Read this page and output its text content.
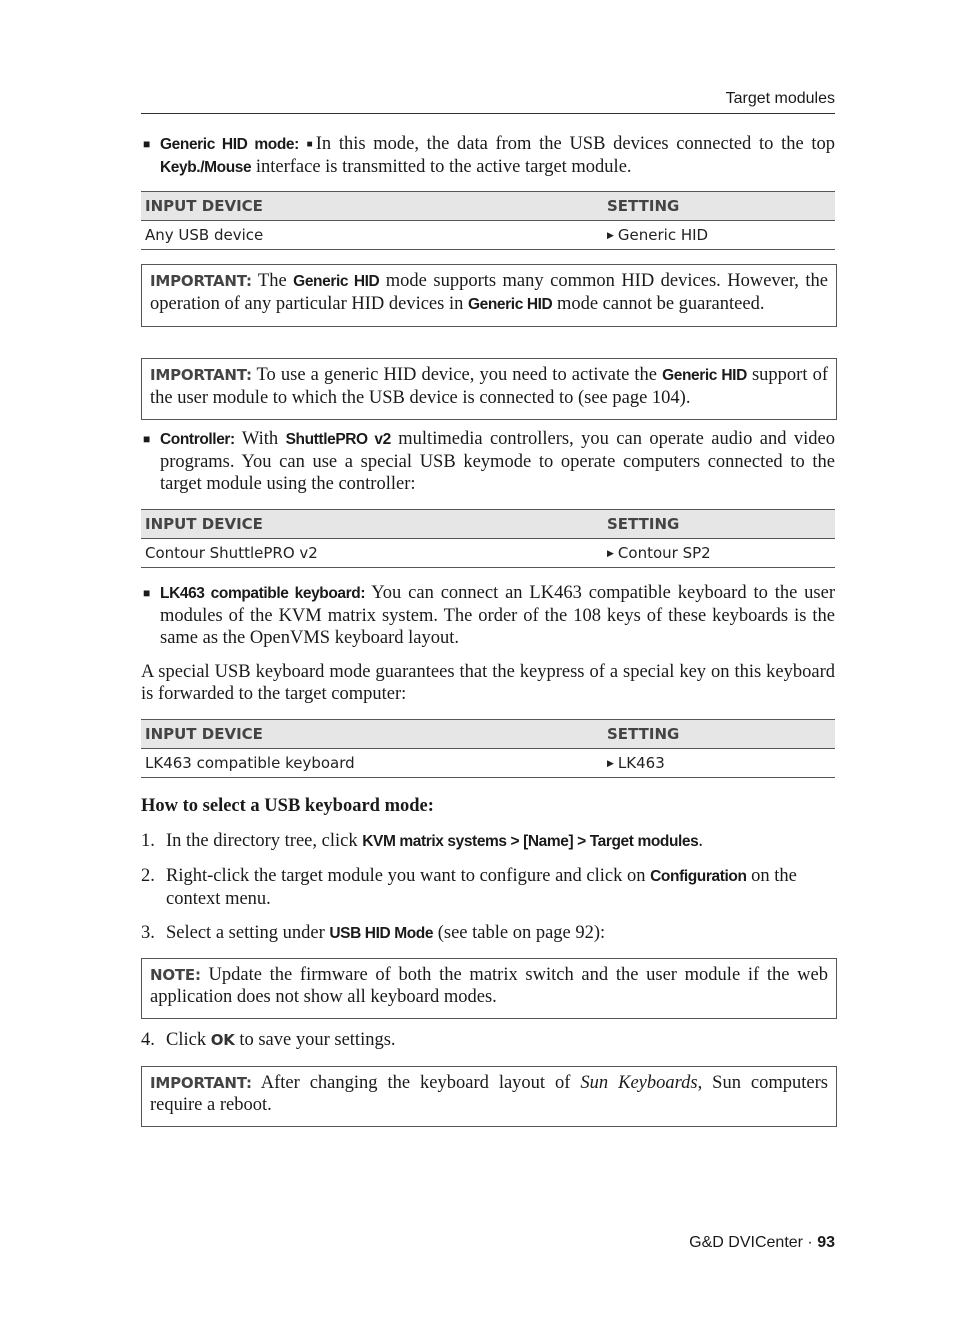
Target modules
■ Generic HID mode: ■In this mode, the data from the USB devices connected to the top Keyb./Mouse interface is transmitted to the active target module.
INPUT DEVICE	SETTING
Any USB device	▶ Generic HID
IMPORTANT: The Generic HID mode supports many common HID devices. However, the operation of any particular HID devices in Generic HID mode cannot be guaranteed.
IMPORTANT: To use a generic HID device, you need to activate the Generic HID support of the user module to which the USB device is connected to (see page 104).
■ Controller: With ShuttlePRO v2 multimedia controllers, you can operate audio and video programs. You can use a special USB keymode to operate computers connected to the target module using the controller:
INPUT DEVICE	SETTING
Contour ShuttlePRO v2	▶ Contour SP2
■ LK463 compatible keyboard: You can connect an LK463 compatible keyboard to the user modules of the KVM matrix system. The order of the 108 keys of these keyboards is the same as the OpenVMS keyboard layout.
A special USB keyboard mode guarantees that the keypress of a special key on this keyboard is forwarded to the target computer:
INPUT DEVICE	SETTING
LK463 compatible keyboard	▶ LK463
How to select a USB keyboard mode:
1. In the directory tree, click KVM matrix systems > [Name] > Target modules.
2. Right-click the target module you want to configure and click on Configuration on the context menu.
3. Select a setting under USB HID Mode (see table on page 92):
NOTE: Update the firmware of both the matrix switch and the user module if the web application does not show all keyboard modes.
4. Click OK to save your settings.
IMPORTANT: After changing the keyboard layout of Sun Keyboards, Sun computers require a reboot.
G&D DVICenter · 93
